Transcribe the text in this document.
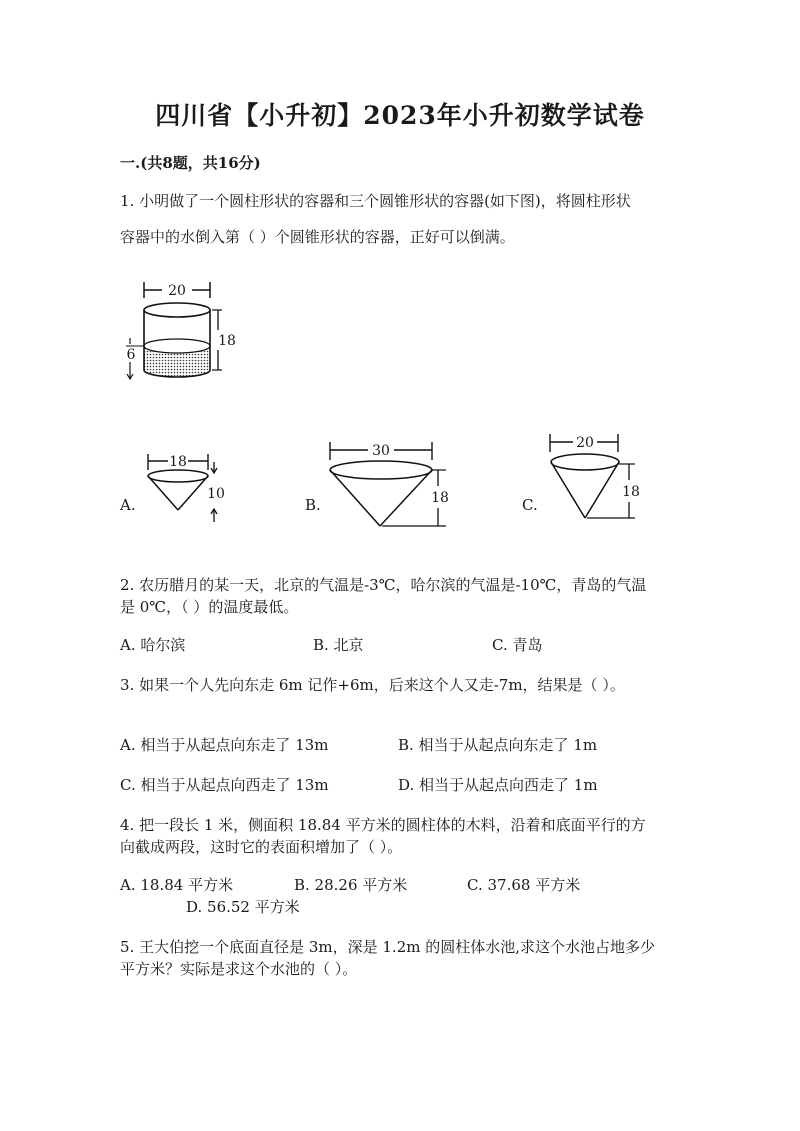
四川省【小升初】2023年小升初数学试卷
一.(共8题，共16分)
1. 小明做了一个圆柱形状的容器和三个圆锥形状的容器(如下图)，将圆柱形状
容器中的水倒入第（ ）个圆锥形状的容器，正好可以倒满。
20
18
6
18
10
A.
30
18
B.
20
18
C.
2. 农历腊月的某一天，北京的气温是-3℃，哈尔滨的气温是-10℃，青岛的气温
是 0℃，（ ）的温度最低。
A. 哈尔滨	B. 北京	C. 青岛
3. 如果一个人先向东走 6m 记作+6m，后来这个人又走-7m，结果是（ ）。
A. 相当于从起点向东走了 13m	B. 相当于从起点向东走了 1m
C. 相当于从起点向西走了 13m	D. 相当于从起点向西走了 1m
4. 把一段长 1 米，侧面积 18.84 平方米的圆柱体的木料，沿着和底面平行的方
向截成两段，这时它的表面积增加了（ ）。
A. 18.84 平方米	B. 28.26 平方米	C. 37.68 平方米
D. 56.52 平方米
5. 王大伯挖一个底面直径是 3m，深是 1.2m 的圆柱体水池,求这个水池占地多少
平方米？实际是求这个水池的（ ）。
